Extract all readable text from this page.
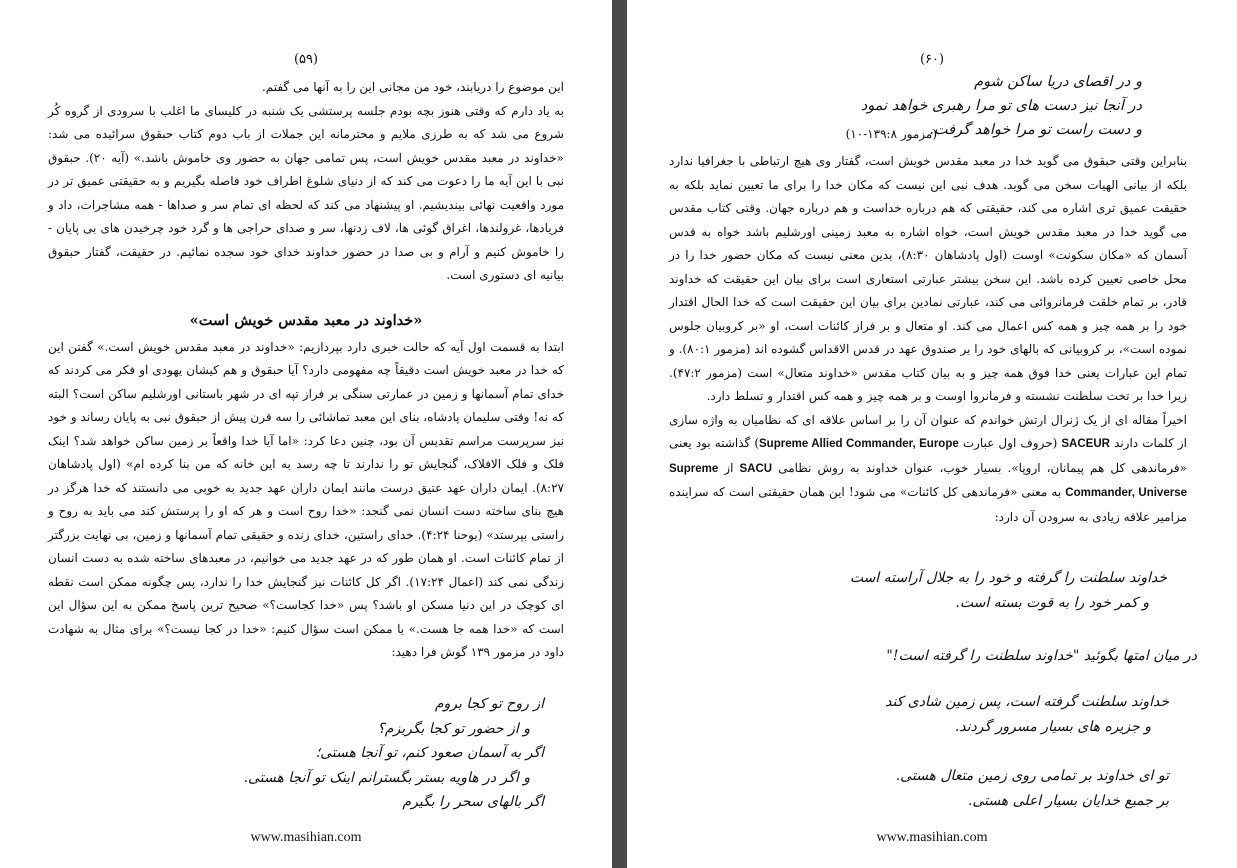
(۵۹)

این موضوع را دریابند، خود من مجانی این را به آنها می گفتم.

به یاد دارم که وقتی هنوز بچه بودم جلسه پرستشی یک شنبه در کلیسای ما اغلب با سرودی از گروه کُر شروع می شد که به طرزی ملایم و محترمانه این جملات از باب دوم کتاب حبقوق سرائیده می شد: «خداوند در معبد مقدس خویش است، پس تمامی جهان به حضور وی خاموش باشد.» (آیه ۲۰). حبقوق نبی با این آیه ما را دعوت می کند که از دنیای شلوغ اطراف خود فاصله بگیریم و به حقیقتی عمیق تر در مورد واقعیت نهائی بیندیشیم. او پیشنهاد می کند که لحظه ای تمام سر و صداها - همه مشاجرات، داد و فریادها، غرولندها، اغراق گوئی ها، لاف زدنها، سر و صدای حراجی ها و گرد خود چرخیدن های بی پایان - را خاموش کنیم و آرام و بی صدا در حضور خداوند خدای خود سجده نمائیم. در حقیقت، گفتار حبقوق بیانیه ای دستوری است.

«خداوند در معبد مقدس خویش است»

ابتدا به قسمت اول آیه که حالت خبری دارد بپردازیم: «خداوند در معبد مقدس خویش است.» گفتن این که خدا در معبد خویش است دقیقاً چه مفهومی دارد؟ آیا حبقوق و هم کیشان یهودی او فکر می کردند که خدای تمام آسمانها و زمین در عمارتی سنگی بر فراز تپه ای در شهر باستانی اورشلیم ساکن است؟ البته که نه! وقتی سلیمان پادشاه، بنای این معبد تماشائی را سه قرن پیش از حبقوق نبی به پایان رساند و خود نیز سرپرست مراسم تقدیس آن بود، چنین دعا کرد: «اما آیا خدا واقعاً بر زمین ساکن خواهد شد؟ اینک فلک و فلک الافلاک، گنجایش تو را ندارند تا چه رسد به این خانه که من بنا کرده ام» (اول پادشاهان ۸:۲۷). ایمان داران عهد عتیق درست مانند ایمان داران عهد جدید به خوبی می دانستند که خدا هرگز در هیچ بنای ساخته دست انسان نمی گنجد: «خدا روح است و هر که او را پرستش کند می باید به روح و راستی بپرستد» (یوحنا ۴:۲۴). خدای راستین، خدای زنده و حقیقی تمام آسمانها و زمین، بی نهایت بزرگتر از تمام کائنات است. او همان طور که در عهد جدید می خوانیم، در معبدهای ساخته شده به دست انسان زندگی نمی کند (اعمال ۱۷:۲۴). اگر کل کائنات نیز گنجایش خدا را ندارد، پس چگونه ممکن است نقطه ای کوچک در این دنیا مسکن او باشد؟ پس «خدا کجاست؟» صحیح ترین پاسخ ممکن به این سؤال این است که «خدا همه جا هست.» یا ممکن است سؤال کنیم: «خدا در کجا نیست؟» برای مثال به شهادت داود در مزمور ۱۳۹ گوش فرا دهید:

از روح تو کجا بروم
و از حضور تو کجا بگریزم؟
اگر به آسمان صعود کنم، تو آنجا هستی؛
و اگر در هاویه بستر بگسترانم اینک تو آنجا هستی.
اگر بالهای سحر را بگیرم
www.masihian.com
(۶۰)
و در اقصای دریا ساکن شوم
در آنجا نیز دست های تو مرا رهبری خواهد نمود
و دست راست تو مرا خواهد گرفت.
(مزمور ۱۳۹:۸-۱۰)

بنابراین وقتی حبقوق می گوید خدا در معبد مقدس خویش است، گفتار وی هیچ ارتباطی با جغرافیا ندارد بلکه از بیانی الهیات سخن می گوید. هدف نبی این نیست که مکان خدا را برای ما تعیین نماید بلکه به حقیقت عمیق تری اشاره می کند، حقیقتی که هم درباره خداست و هم درباره جهان. وقتی کتاب مقدس می گوید خدا در معبد مقدس خویش است، خواه اشاره به معبد زمینی اورشلیم باشد خواه به قدس آسمان که «مکان سکونت» اوست (اول پادشاهان ۸:۳۰)، بدین معنی نیست که مکان حضور خدا را در محل خاصی تعیین کرده باشد. این سخن بیشتر عبارتی استعاری است برای بیان این حقیقت که خداوند قادر، بر تمام خلقت فرمانروائی می کند، عبارتی نمادین برای بیان این حقیقت است که خدا الحال اقتدار خود را بر همه چیز و همه کس اعمال می کند. او متعال و بر فراز کائنات است، او «بر کروبیان جلوس نموده است»، بر کروبیانی که بالهای خود را بر صندوق عهد در قدس الاقداس گشوده اند (مزمور ۸۰:۱). و تمام این عبارات یعنی خدا فوق همه چیز و به بیان کتاب مقدس «خداوند متعال» است (مزمور ۴۷:۲). زیرا خدا بر تخت سلطنت نشسته و فرمانروا اوست و بر همه چیز و همه کس اقتدار و تسلط دارد.

اخیراً مقاله ای از یک ژنرال ارتش خواندم که عنوان آن را بر اساس علاقه ای که نظامیان به واژه سازی از کلمات دارند SACEUR (حروف اول عبارت Supreme Allied Commander, Europe) گذاشته بود یعنی «فرماندهی کل هم پیمانان، اروپا». بسیار خوب، عنوان خداوند به روش نظامی SACU از Supreme Commander, Universe به معنی «فرماندهی کل کائنات» می شود! این همان حقیقتی است که سراینده مزامیر علاقه زیادی به سرودن آن دارد:

خداوند سلطنت را گرفته و خود را به جلال آراسته است
و کمر خود را به قوت بسته است.
در میان امتها بگوئید "خداوند سلطنت را گرفته است!"
خداوند سلطنت گرفته است، پس زمین شادی کند
و جزیره های بسیار مسرور گردند.
تو ای خداوند بر تمامی روی زمین متعال هستی.
بر جمیع خدایان بسیار اعلی هستی.
www.masihian.com
